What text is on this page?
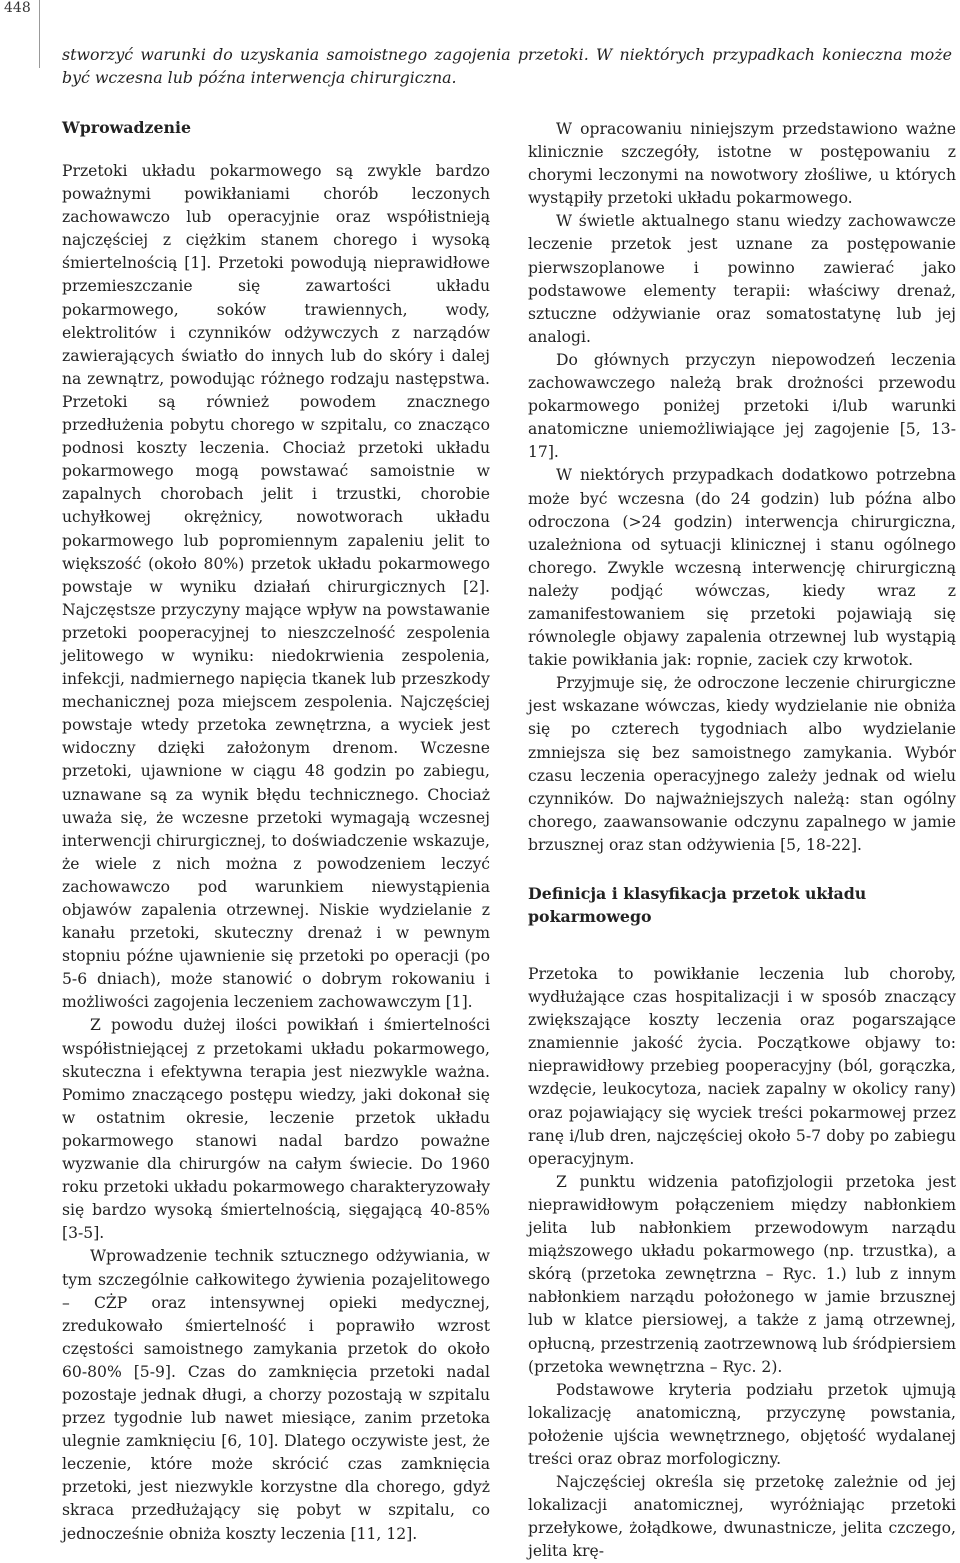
448
stworzyć warunki do uzyskania samoistnego zagojenia przetoki. W niektórych przypadkach konieczna może być wczesna lub późna interwencja chirurgiczna.
Wprowadzenie

Przetoki układu pokarmowego są zwykle bardzo poważnymi powikłaniami chorób leczonych zachowawczo lub operacyjnie oraz współistnieją najczęściej z ciężkim stanem chorego i wysoką śmiertelnością [1]. Przetoki powodują nieprawidłowe przemieszczanie się zawartości układu pokarmowego, soków trawiennych, wody, elektrolitów i czynników odżywczych z narządów zawierających światło do innych lub do skóry i dalej na zewnątrz, powodując różnego rodzaju następstwa. Przetoki są również powodem znacznego przedłużenia pobytu chorego w szpitalu, co znacząco podnosi koszty leczenia. Chociaż przetoki układu pokarmowego mogą powstawać samoistnie w zapalnych chorobach jelit i trzustki, chorobie uchyłkowej okrężnicy, nowotworach układu pokarmowego lub popromiennym zapaleniu jelit to większość (około 80%) przetok układu pokarmowego powstaje w wyniku działań chirurgicznych [2]. Najczęstsze przyczyny mające wpływ na powstawanie przetoki pooperacyjnej to nieszczelność zespolenia jelitowego w wyniku: niedokrwienia zespolenia, infekcji, nadmiernego napięcia tkanek lub przeszkody mechanicznej poza miejscem zespolenia. Najczęściej powstaje wtedy przetoka zewnętrzna, a wyciek jest widoczny dzięki założonym drenom. Wczesne przetoki, ujawnione w ciągu 48 godzin po zabiegu, uznawane są za wynik błędu technicznego. Chociaż uważa się, że wczesne przetoki wymagają wczesnej interwencji chirurgicznej, to doświadczenie wskazuje, że wiele z nich można z powodzeniem leczyć zachowawczo pod warunkiem niewystąpienia objawów zapalenia otrzewnej. Niskie wydzielanie z kanału przetoki, skuteczny drenaż i w pewnym stopniu późne ujawnienie się przetoki po operacji (po 5-6 dniach), może stanowić o dobrym rokowaniu i możliwości zagojenia leczeniem zachowawczym [1].

Z powodu dużej ilości powikłań i śmiertelności współistniejącej z przetokami układu pokarmowego, skuteczna i efektywna terapia jest niezwykle ważna. Pomimo znaczącego postępu wiedzy, jaki dokonał się w ostatnim okresie, leczenie przetok układu pokarmowego stanowi nadal bardzo poważne wyzwanie dla chirurgów na całym świecie. Do 1960 roku przetoki układu pokarmowego charakteryzowały się bardzo wysoką śmiertelnością, sięgającą 40-85% [3-5].

Wprowadzenie technik sztucznego odżywiania, w tym szczególnie całkowitego żywienia pozajelitowego – CŻP oraz intensywnej opieki medycznej, zredukowało śmiertelność i poprawiło wzrost częstości samoistnego zamykania przetok do około 60-80% [5-9]. Czas do zamknięcia przetoki nadal pozostaje jednak długi, a chorzy pozostają w szpitalu przez tygodnie lub nawet miesiące, zanim przetoka ulegnie zamknięciu [6, 10]. Dlatego oczywiste jest, że leczenie, które może skrócić czas zamknięcia przetoki, jest niezwykle korzystne dla chorego, gdyż skraca przedłużający się pobyt w szpitalu, co jednocześnie obniża koszty leczenia [11, 12].

W opracowaniu niniejszym przedstawiono ważne klinicznie szczegóły, istotne w postępowaniu z chorymi leczonymi na nowotwory złośliwe, u których wystąpiły przetoki układu pokarmowego.

W świetle aktualnego stanu wiedzy zachowawcze leczenie przetok jest uznane za postępowanie pierwszoplanowe i powinno zawierać jako podstawowe elementy terapii: właściwy drenaż, sztuczne odżywianie oraz somatostatynę lub jej analogi.

Do głównych przyczyn niepowodzeń leczenia zachowawczego należą brak drożności przewodu pokarmowego poniżej przetoki i/lub warunki anatomiczne uniemożliwiające jej zagojenie [5, 13-17].

W niektórych przypadkach dodatkowo potrzebna może być wczesna (do 24 godzin) lub późna albo odroczona (>24 godzin) interwencja chirurgiczna, uzależniona od sytuacji klinicznej i stanu ogólnego chorego. Zwykle wczesną interwencję chirurgiczną należy podjąć wówczas, kiedy wraz z zamanifestowaniem się przetoki pojawiają się równolegle objawy zapalenia otrzewnej lub wystąpią takie powikłania jak: ropnie, zaciek czy krwotok.

Przyjmuje się, że odroczone leczenie chirurgiczne jest wskazane wówczas, kiedy wydzielanie nie obniża się po czterech tygodniach albo wydzielanie zmniejsza się bez samoistnego zamykania. Wybór czasu leczenia operacyjnego zależy jednak od wielu czynników. Do najważniejszych należą: stan ogólny chorego, zaawansowanie odczynu zapalnego w jamie brzusznej oraz stan odżywienia [5, 18-22].

Definicja i klasyfikacja przetok układu pokarmowego

Przetoka to powikłanie leczenia lub choroby, wydłużające czas hospitalizacji i w sposób znaczący zwiększające koszty leczenia oraz pogarszające znamiennie jakość życia. Początkowe objawy to: nieprawidłowy przebieg pooperacyjny (ból, gorączka, wzdęcie, leukocytoza, naciek zapalny w okolicy rany) oraz pojawiający się wyciek treści pokarmowej przez ranę i/lub dren, najczęściej około 5-7 doby po zabiegu operacyjnym.

Z punktu widzenia patofizjologii przetoka jest nieprawidłowym połączeniem między nabłonkiem jelita lub nabłonkiem przewodowym narządu miąższowego układu pokarmowego (np. trzustka), a skórą (przetoka zewnętrzna – Ryc. 1.) lub z innym nabłonkiem narządu położonego w jamie brzusznej lub w klatce piersiowej, a także z jamą otrzewnej, opłucną, przestrzenią zaotrzewnową lub śródpiersiem (przetoka wewnętrzna – Ryc. 2).

Podstawowe kryteria podziału przetok ujmują lokalizację anatomiczną, przyczynę powstania, położenie ujścia wewnętrznego, objętość wydalanej treści oraz obraz morfologiczny.

Najczęściej określa się przetokę zależnie od jej lokalizacji anatomicznej, wyróżniając przetoki przełykowe, żołądkowe, dwunastnicze, jelita czczego, jelita krę-
